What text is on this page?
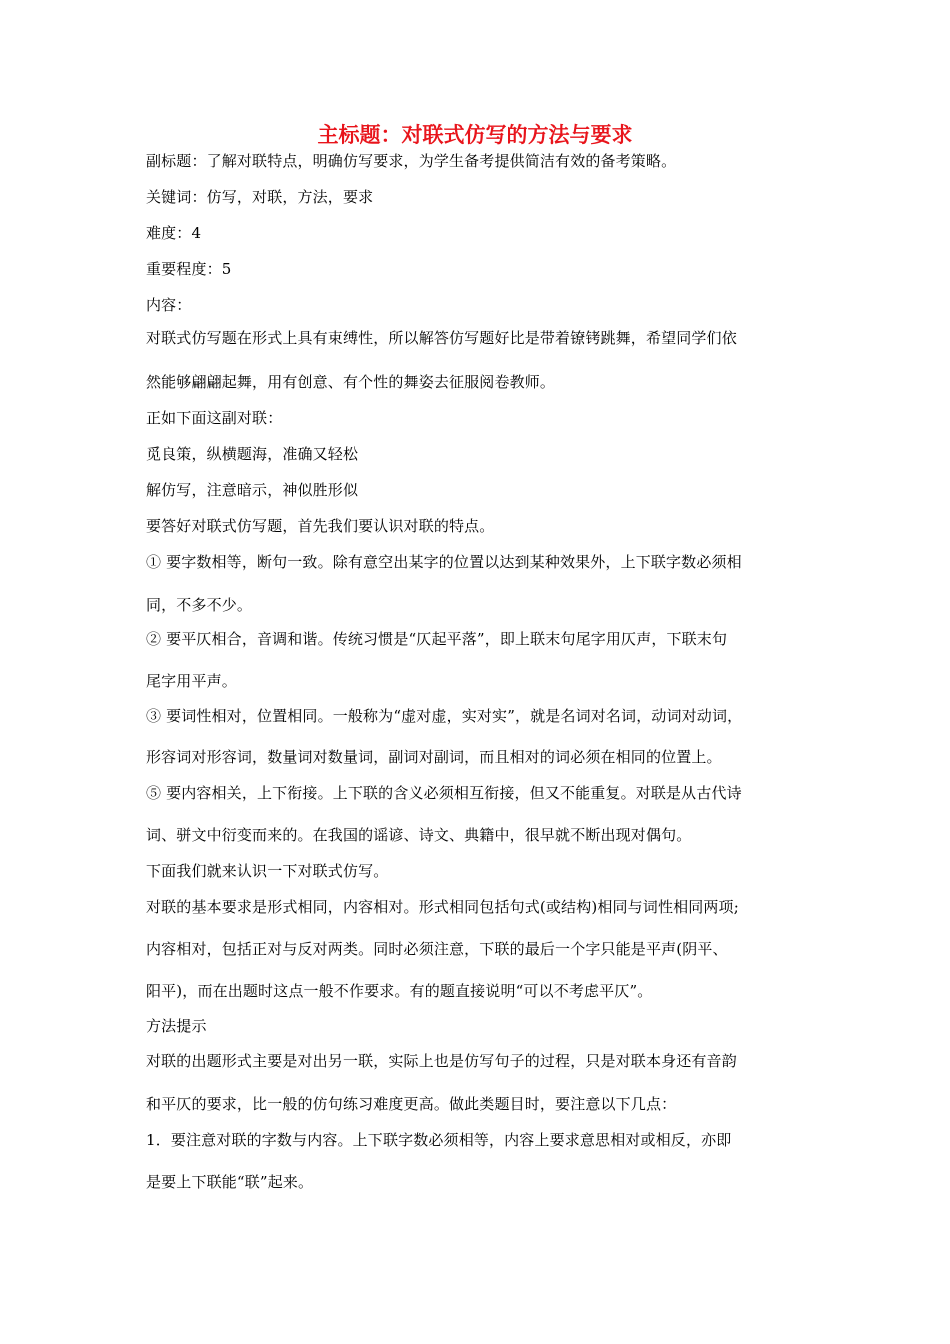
主标题：对联式仿写的方法与要求
副标题：了解对联特点，明确仿写要求，为学生备考提供简洁有效的备考策略。
关键词：仿写，对联，方法，要求
难度：4
重要程度：5
内容：
对联式仿写题在形式上具有束缚性，所以解答仿写题好比是带着镣铐跳舞，希望同学们依
然能够翩翩起舞，用有创意、有个性的舞姿去征服阅卷教师。
正如下面这副对联：
觅良策，纵横题海，准确又轻松
解仿写，注意暗示，神似胜形似
要答好对联式仿写题，首先我们要认识对联的特点。
① 要字数相等，断句一致。除有意空出某字的位置以达到某种效果外，上下联字数必须相
同，不多不少。
② 要平仄相合，音调和谐。传统习惯是“仄起平落”，即上联末句尾字用仄声，下联末句
尾字用平声。
③ 要词性相对，位置相同。一般称为“虚对虚，实对实”，就是名词对名词，动词对动词，
形容词对形容词，数量词对数量词，副词对副词，而且相对的词必须在相同的位置上。
⑤ 要内容相关，上下衔接。上下联的含义必须相互衔接，但又不能重复。对联是从古代诗
词、骈文中衍变而来的。在我国的谣谚、诗文、典籍中，很早就不断出现对偶句。
下面我们就来认识一下对联式仿写。
对联的基本要求是形式相同，内容相对。形式相同包括句式(或结构)相同与词性相同两项;
内容相对，包括正对与反对两类。同时必须注意，下联的最后一个字只能是平声(阴平、
阳平)，而在出题时这点一般不作要求。有的题直接说明“可以不考虑平仄”。
方法提示
对联的出题形式主要是对出另一联，实际上也是仿写句子的过程，只是对联本身还有音韵
和平仄的要求，比一般的仿句练习难度更高。做此类题目时，要注意以下几点：
1．要注意对联的字数与内容。上下联字数必须相等，内容上要求意思相对或相反，亦即
是要上下联能“联”起来。
